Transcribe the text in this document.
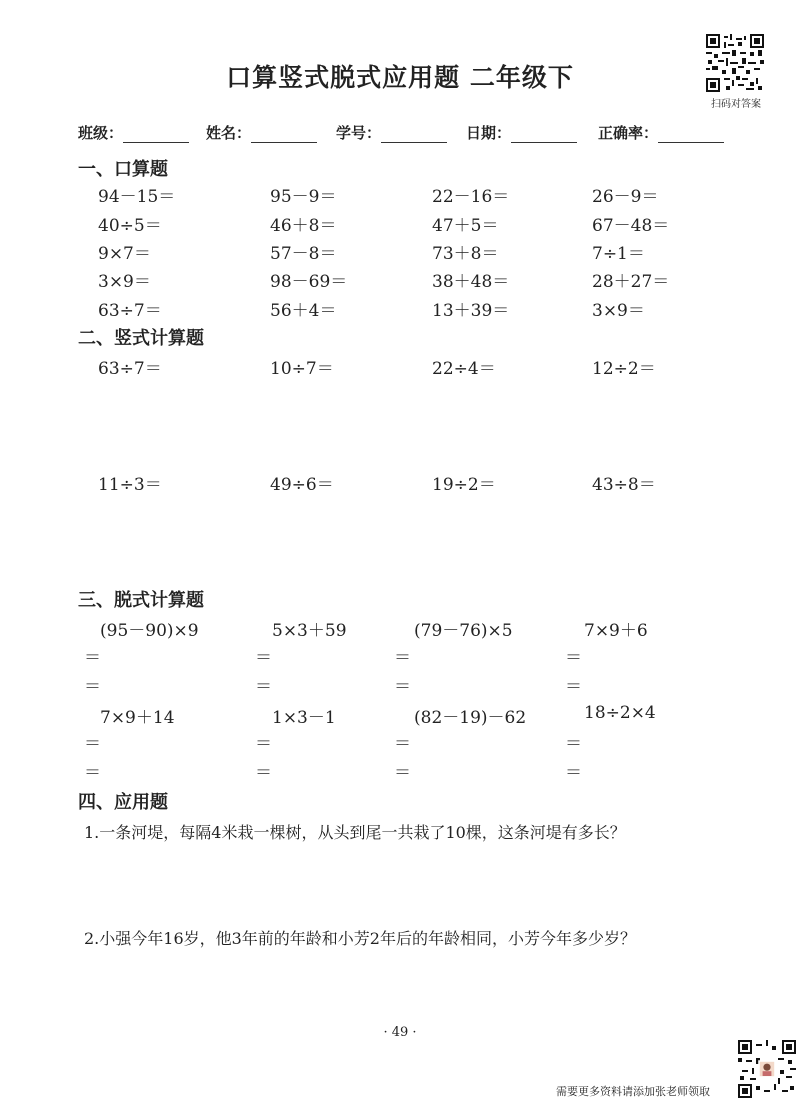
口算竖式脱式应用题 二年级下
扫码对答案
班级：	姓名：	学号：	日期：	正确率：
一、口算题
94－15＝	95－9＝	22－16＝	26－9＝
40÷5＝	46＋8＝	47＋5＝	67－48＝
9×7＝	57－8＝	73＋8＝	7÷1＝
3×9＝	98－69＝	38＋48＝	28＋27＝
63÷7＝	56＋4＝	13＋39＝	3×9＝
二、竖式计算题
63÷7＝	10÷7＝	22÷4＝	12÷2＝
11÷3＝	49÷6＝	19÷2＝	43÷8＝
三、脱式计算题
(95－90)×9	5×3＋59	(79－76)×5	7×9＋6
＝	＝	＝	＝
＝	＝	＝	＝
7×9＋14	1×3－1	(82－19)－62	18÷2×4
＝	＝	＝	＝
＝	＝	＝	＝
四、应用题
1.一条河堤，每隔4米栽一棵树，从头到尾一共栽了10棵，这条河堤有多长？
2.小强今年16岁，他3年前的年龄和小芳2年后的年龄相同，小芳今年多少岁？
· 49 ·
需要更多资料请添加张老师领取
